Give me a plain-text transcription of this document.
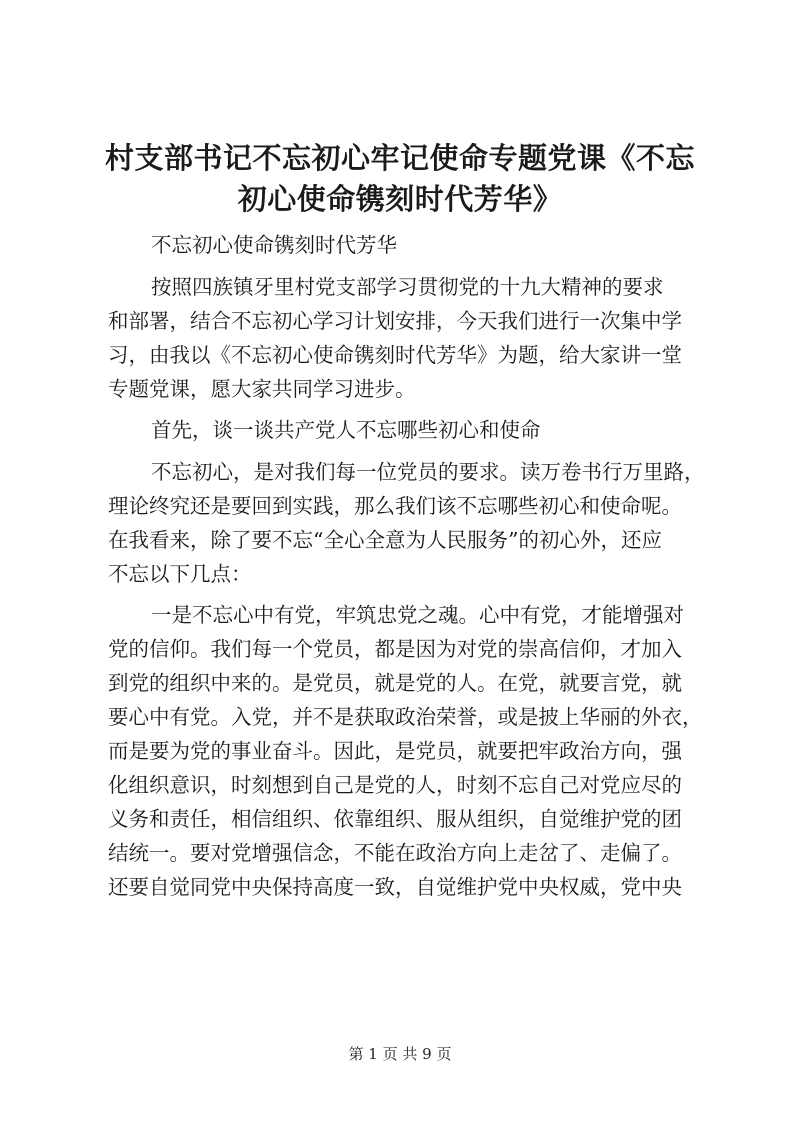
村支部书记不忘初心牢记使命专题党课《不忘
初心使命镌刻时代芳华》
不忘初心使命镌刻时代芳华
按照四族镇牙里村党支部学习贯彻党的十九大精神的要求
和部署，结合不忘初心学习计划安排，今天我们进行一次集中学
习，由我以《不忘初心使命镌刻时代芳华》为题，给大家讲一堂
专题党课，愿大家共同学习进步。
首先，谈一谈共产党人不忘哪些初心和使命
不忘初心，是对我们每一位党员的要求。读万卷书行万里路，
理论终究还是要回到实践，那么我们该不忘哪些初心和使命呢。
在我看来，除了要不忘“全心全意为人民服务”的初心外，还应
不忘以下几点：
一是不忘心中有党，牢筑忠党之魂。心中有党，才能增强对
党的信仰。我们每一个党员，都是因为对党的崇高信仰，才加入
到党的组织中来的。是党员，就是党的人。在党，就要言党，就
要心中有党。入党，并不是获取政治荣誉，或是披上华丽的外衣，
而是要为党的事业奋斗。因此，是党员，就要把牢政治方向，强
化组织意识，时刻想到自己是党的人，时刻不忘自己对党应尽的
义务和责任，相信组织、依靠组织、服从组织，自觉维护党的团
结统一。要对党增强信念，不能在政治方向上走岔了、走偏了。
还要自觉同党中央保持高度一致，自觉维护党中央权威，党中央
第 1 页 共 9 页
